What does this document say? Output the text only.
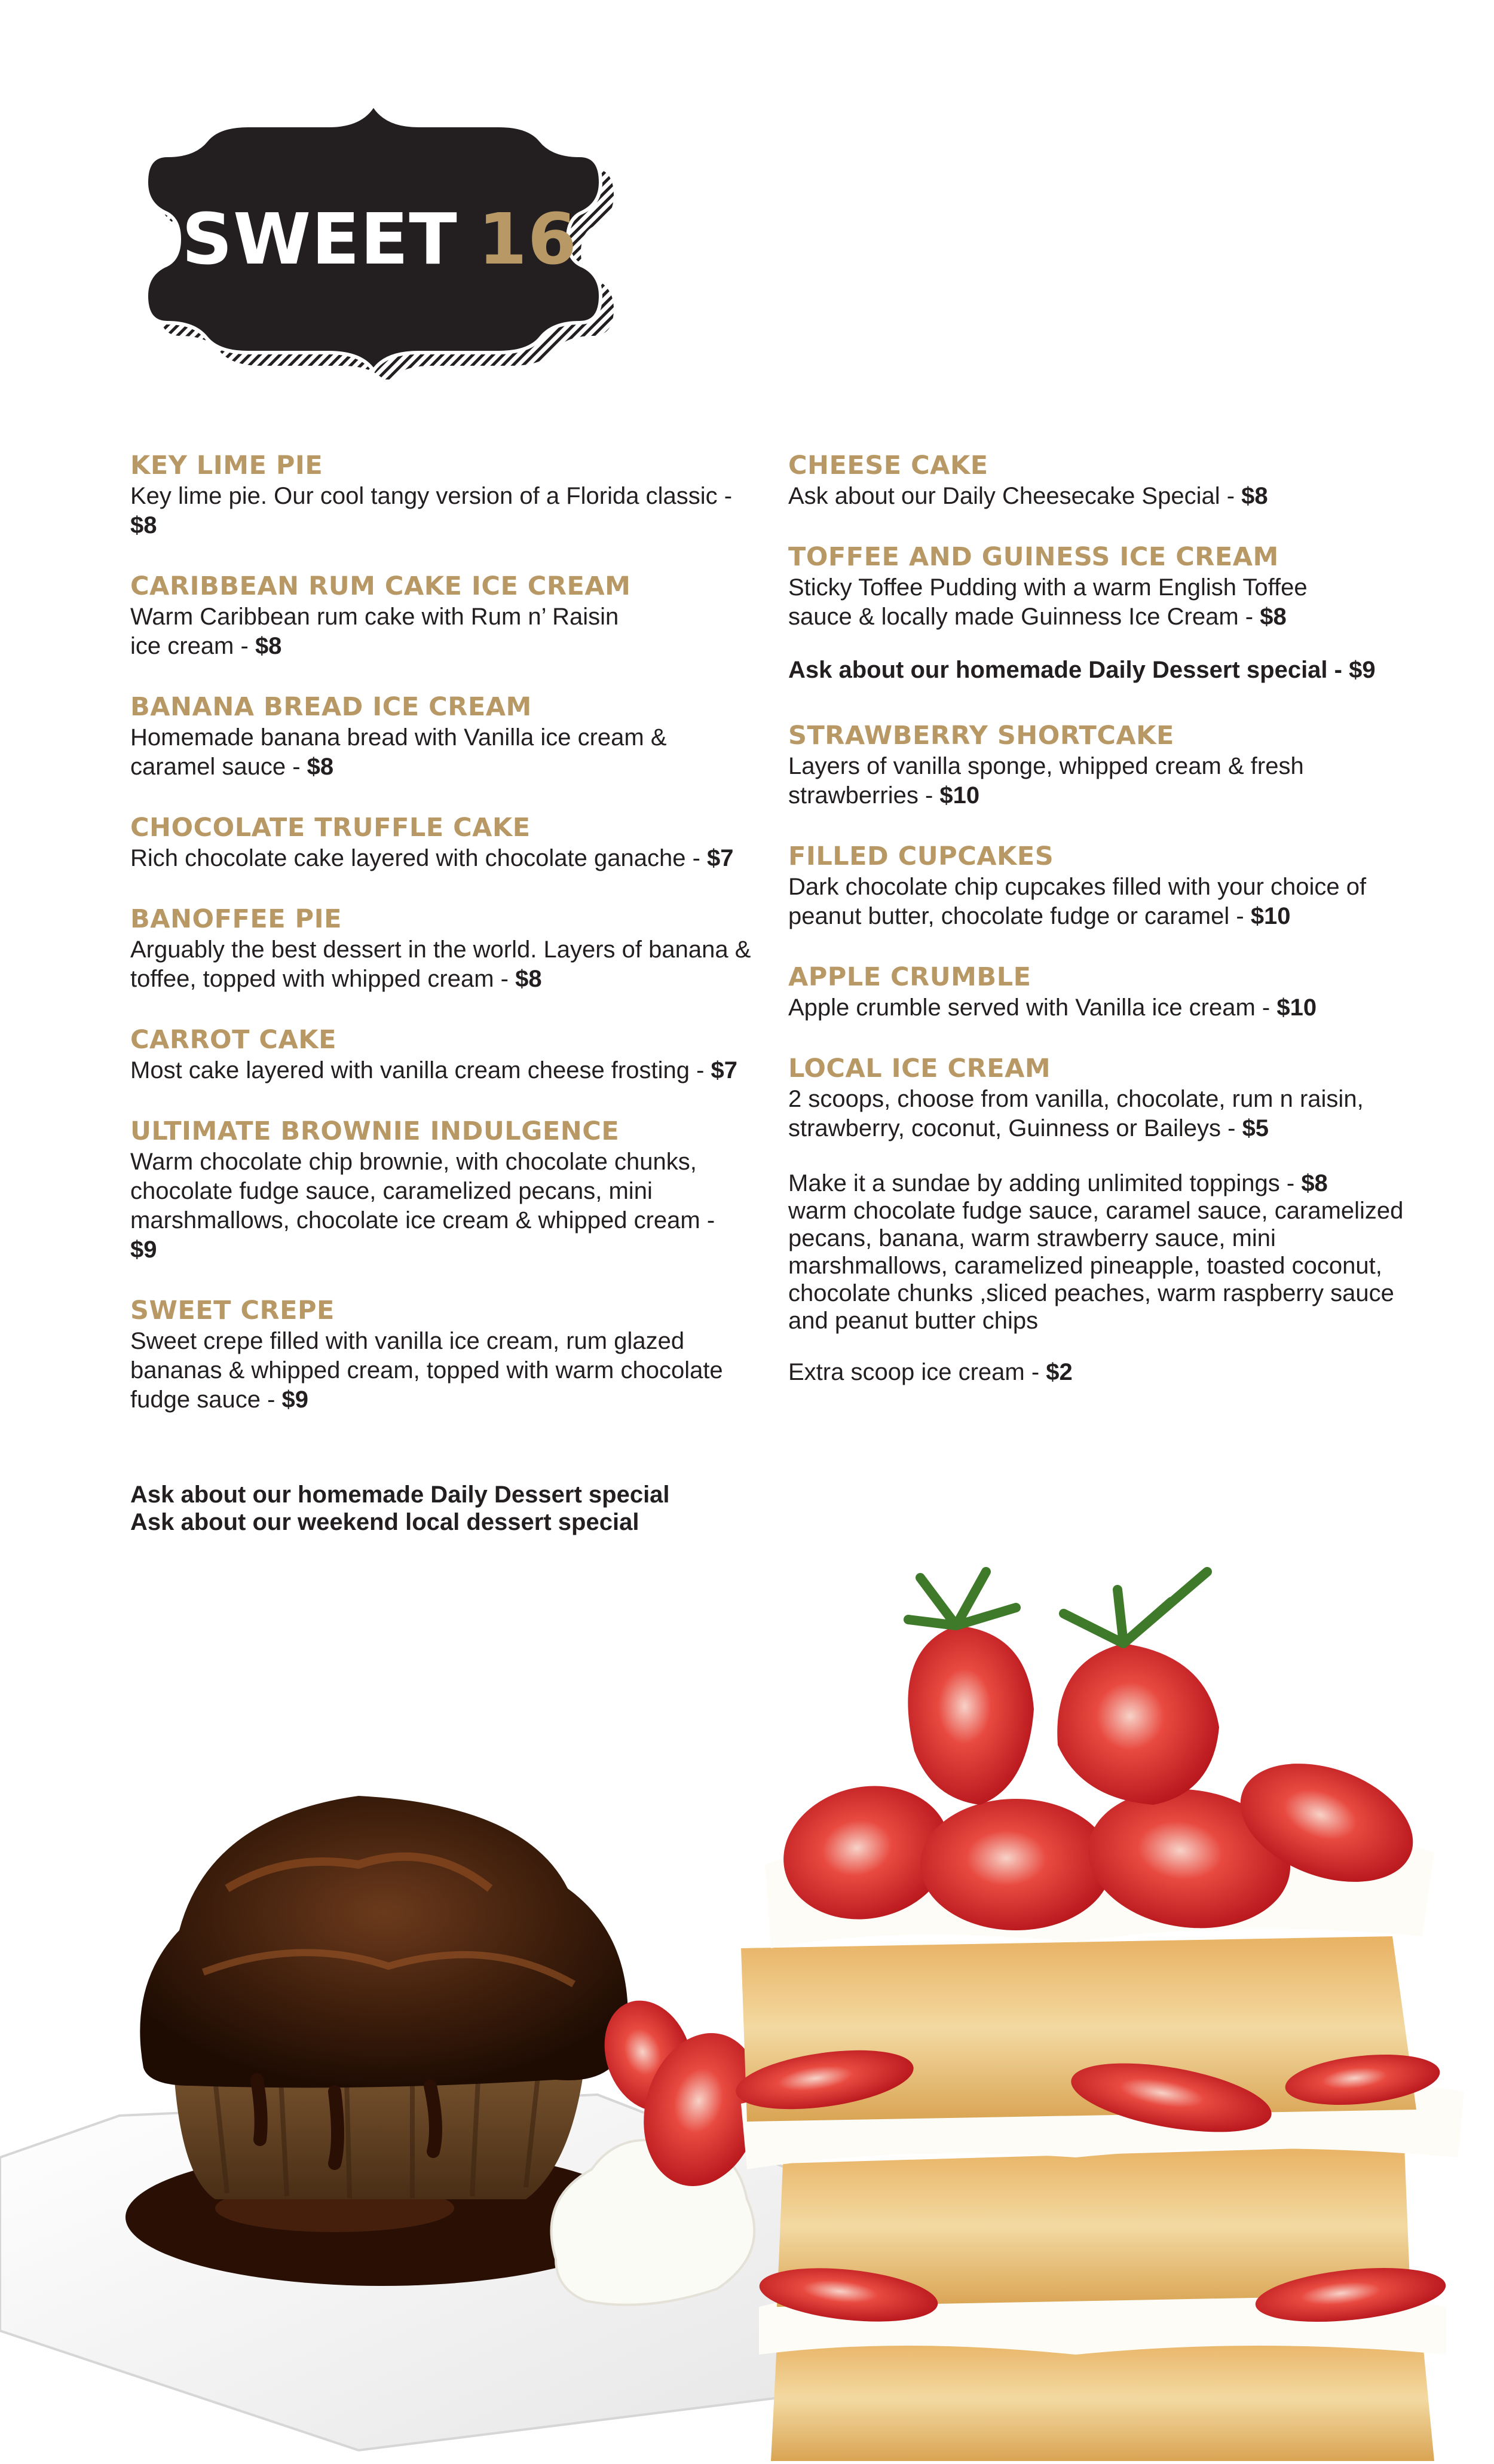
SWEET 16
KEY LIME PIE
Key lime pie. Our cool tangy version of a Florida classic - $8
CARIBBEAN RUM CAKE ICE CREAM
Warm Caribbean rum cake with Rum n’ Raisin ice cream - $8
BANANA BREAD ICE CREAM
Homemade banana bread with Vanilla ice cream & caramel sauce - $8
CHOCOLATE TRUFFLE CAKE
Rich chocolate cake layered with chocolate ganache - $7
BANOFFEE PIE
Arguably the best dessert in the world. Layers of banana & toffee, topped with whipped cream - $8
CARROT CAKE
Most cake layered with vanilla cream cheese frosting - $7
ULTIMATE BROWNIE INDULGENCE
Warm chocolate chip brownie, with chocolate chunks, chocolate fudge sauce, caramelized pecans, mini marshmallows, chocolate ice cream & whipped cream - $9
SWEET CREPE
Sweet crepe filled with vanilla ice cream, rum glazed bananas & whipped cream, topped with warm chocolate fudge sauce - $9
Ask about our homemade Daily Dessert special
Ask about our weekend local dessert special
CHEESE CAKE
Ask about our Daily Cheesecake Special - $8
TOFFEE AND GUINESS ICE CREAM
Sticky Toffee Pudding with a warm English Toffee sauce & locally made Guinness Ice Cream - $8
Ask about our homemade Daily Dessert special - $9
STRAWBERRY SHORTCAKE
Layers of vanilla sponge, whipped cream & fresh strawberries - $10
FILLED CUPCAKES
Dark chocolate chip cupcakes filled with your choice of peanut butter, chocolate fudge or caramel - $10
APPLE CRUMBLE
Apple crumble served with Vanilla ice cream - $10
LOCAL ICE CREAM
2 scoops, choose from vanilla, chocolate, rum n raisin, strawberry, coconut, Guinness or Baileys - $5
Make it a sundae by adding unlimited toppings - $8
warm chocolate fudge sauce, caramel sauce, caramelized pecans, banana, warm strawberry sauce, mini marshmallows, caramelized pineapple, toasted coconut, chocolate chunks ,sliced peaches, warm raspberry sauce and peanut butter chips
Extra scoop ice cream - $2
